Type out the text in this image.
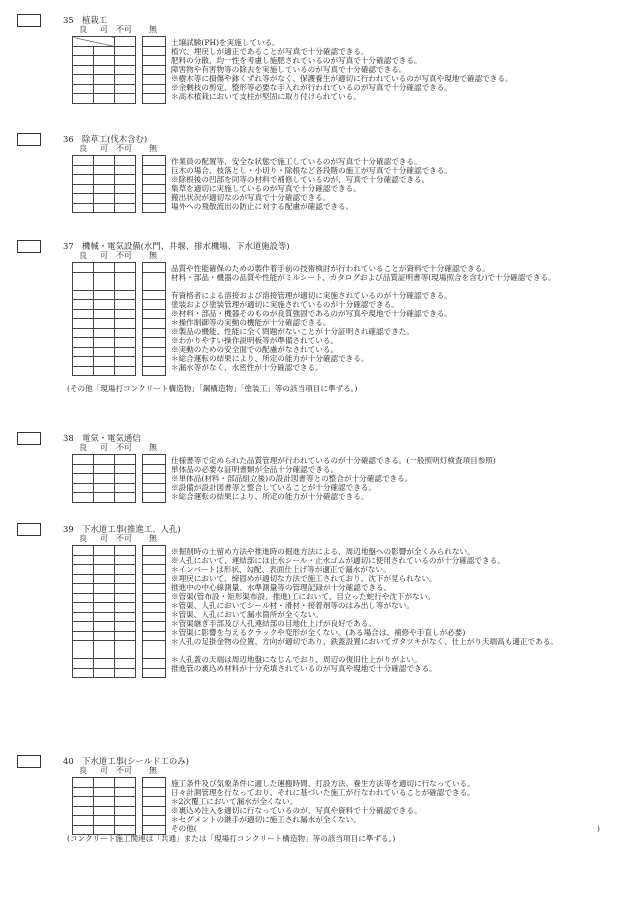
35　植栽工
良 可 不可 無

土壌試験(PH)を実施している。
植穴、埋戻しが適正であることが写真で十分確認できる。
肥料の分散、均一性を考慮し施肥されているのが写真で十分確認できる。
障害物や有害物等の除去を実施しているのが写真で十分確認できる。
※樹木等に損傷や鉢くずれ等がなく、保護養生が適切に行われているのが写真や現地で確認できる。
※余剰枝の剪定、整形等必要な手入れが行われているのが写真で十分確認できる。
＊高木植栽において支柱が堅固に取り付けられている。
36　除草工(伐木含む)
良 可 不可 無

作業員の配置等、安全な状態で施工しているのが写真で十分確認できる。
巨木の場合、枝落とし・小切り・除根など各段階の施工が写真で十分確認できる。
※除根後の凹部を同等の材料で補修しているのが、写真で十分確認できる。
集草を適切に実施しているのが写真で十分確認できる。
搬出状況が適切なのが写真で十分確認できる。
場外への飛散流出の防止に対する配慮が確認できる。
37　機械・電気設備(水門、井堰、排水機場、下水道施設等)
良 可 不可 無

品質や性能確保のための製作着手前の技術検討が行われていることが資料で十分確認できる。
材料・部品・機器の品質や性能がミルシート、カタログおよび品質証明書等(現場照合を含む)で十分確認できる。
有資格者による溶接および溶接管理が適切に実施されているのが十分確認できる。
塗装および塗装管理が適切に実施されているのが十分確認できる。
※材料・部品・機器そのものが良質強固であるのが写真や現地で十分確認できる。
＊操作制御等の実動の機能が十分確認できる。
※製品の機能、性能に全く問題がないことが十分証明され確認できた。
※わかりやすい操作説明板等が準備されている。
※実動のための安全面での配慮がなされている。
＊総合運転の結果により、所定の能力が十分確認できる。
＊漏水等がなく、水密性が十分確認できる。
(その他「現場打コンクリート構造物」「鋼構造物」「塗装工」等の該当項目に準ずる。)
38　電気・電気通信
良 可 不可 無

仕様書等で定められた品質管理が行われているのが十分確認できる。(一般照明灯検査項目参照)
単体品の必要な証明書類が全品十分確認できる。
※単体品(材料・部品組立後)の設計図書等との整合が十分確認できる。
※設備が設計図書等と整合していることが十分確認できる。
＊総合運転の結果により、所定の能力が十分確認できる。
39　下水道工事(推進工、人孔)
良 可 不可 無

※掘削時の土留め方法や推進時の掘進方法による、周辺地盤への影響が全くみられない。
※人孔において、連結部には止水シール・止水ゴムが適切に使用されているのが十分確認できる。
＊インバートは形状、勾配、表面仕上げ等が適正で漏水がない。
※埋戻において、締固めが適切な方法で施工されており、沈下が見られない。
推進中の中心線測量、水準測量等の管理記録が十分確認できる。
※管渠(管布設・矩形渠布設、推進)工において、目立った蛇行や沈下がない。
＊管渠、人孔においてシール材・滑材・接着剤等のはみ出し等がない。
＊管渠、人孔において漏水箇所が全くない。
＊管渠継ぎ手部及び人孔連結部の目地仕上げが良好である。
＊管渠に影響を与えるクラックや変形が全くない。(ある場合は、補修や手直しが必要)
＊人孔の足掛金物の位置、方向が適切であり、鉄蓋設置においてガタツキがなく、仕上がり天端高も適正である。
＊人孔蓋の天端は周辺地盤になじんでおり、周辺の復旧仕上がりがよい。
推進管の裏込め材料が十分充填されているのが写真や現地で十分確認できる。
40　下水道工事(シールド工のみ)
良 可 不可 無

施工条件及び気象条件に適した運搬時間、打設方法、養生方法等を適切に行なっている。
日々計測管理を行なっており、それに基づいた施工が行なわれていることが確認できる。
＊2次覆工において漏水が全くない。
※裏込め注入を適切に行なっているのが、写真や資料で十分確認できる。
＊セグメントの継手が適切に施工され漏水が全くない。
その他(	)
(コンクリート施工関連は「共通」または「現場打コンクリート構造物」等の該当項目に準ずる。)
